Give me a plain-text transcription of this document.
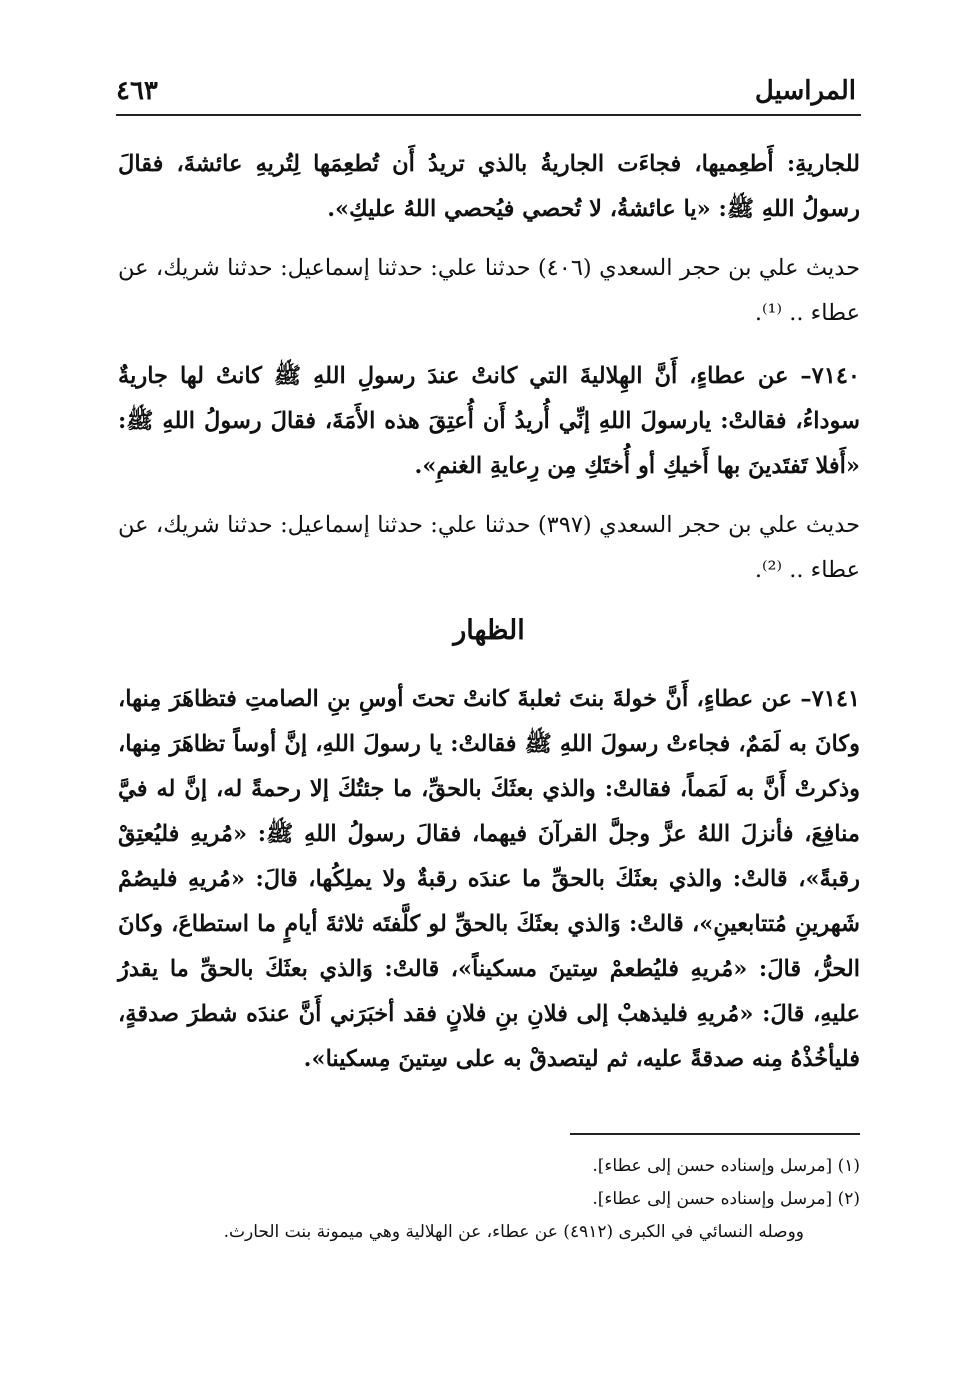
المراسيل
٤٦٣

للجاريةِ: أَطعِميها، فجاءَت الجاريةُ بالذي تريدُ أَن تُطعِمَها لِتُريهِ عائشةَ، فقالَ رسولُ اللهِ ﷺ: «يا عائشةُ، لا تُحصي فيُحصي اللهُ عليكِ».

حديث علي بن حجر السعدي (٤٠٦) حدثنا علي: حدثنا إسماعيل: حدثنا شريك، عن عطاء .. ⁽¹⁾.

٧١٤٠– عن عطاءٍ، أَنَّ الهِلاليةَ التي كانتْ عندَ رسولِ اللهِ ﷺ كانتْ لها جاريةٌ سوداءُ، فقالتْ: يارسولَ اللهِ إنِّي أُريدُ أَن أُعتِقَ هذه الأَمَةَ، فقالَ رسولُ اللهِ ﷺ: «أَفلا تَفتَدينَ بها أَخيكِ أو أُختَكِ مِن رِعايةِ الغنمِ».

حديث علي بن حجر السعدي (٣٩٧) حدثنا علي: حدثنا إسماعيل: حدثنا شريك، عن عطاء .. ⁽²⁾.

الظهار

٧١٤١– عن عطاءٍ، أَنَّ خولةَ بنتَ ثعلبةَ كانتْ تحتَ أوسِ بنِ الصامتِ فتظاهَرَ مِنها، وكانَ به لَمَمٌ، فجاءتْ رسولَ اللهِ ﷺ فقالتْ: يا رسولَ اللهِ، إنَّ أوساً تظاهَرَ مِنها، وذكرتْ أَنَّ به لَمَماً، فقالتْ: والذي بعثَكَ بالحقِّ، ما جئتُكَ إلا رحمةً له، إنَّ له فيَّ منافِعَ، فأنزلَ اللهُ عزَّ وجلَّ القرآنَ فيهما، فقالَ رسولُ اللهِ ﷺ: «مُريهِ فليُعتِقْ رقبةً»، قالتْ: والذي بعثَكَ بالحقِّ ما عندَه رقبةٌ ولا يملِكُها، قالَ: «مُريهِ فليصُمْ شَهرينِ مُتتابعينِ»، قالتْ: وَالذي بعثَكَ بالحقِّ لو كلَّفتَه ثلاثةَ أيامٍ ما استطاعَ، وكانَ الحرُّ، قالَ: «مُريهِ فليُطعمْ سِتينَ مسكيناً»، قالتْ: وَالذي بعثَكَ بالحقِّ ما يقدرُ عليهِ، قالَ: «مُريهِ فليذهبْ إلى فلانِ بنِ فلانٍ فقد أخبَرَني أَنَّ عندَه شطرَ صدقةٍ، فليأخُذْهُ مِنه صدقةً عليه، ثم ليتصدقْ به على سِتينَ مِسكينا».

(١) [مرسل وإسناده حسن إلى عطاء].
(٢) [مرسل وإسناده حسن إلى عطاء].
ووصله النسائي في الكبرى (٤٩١٢) عن عطاء، عن الهلالية وهي ميمونة بنت الحارث.
